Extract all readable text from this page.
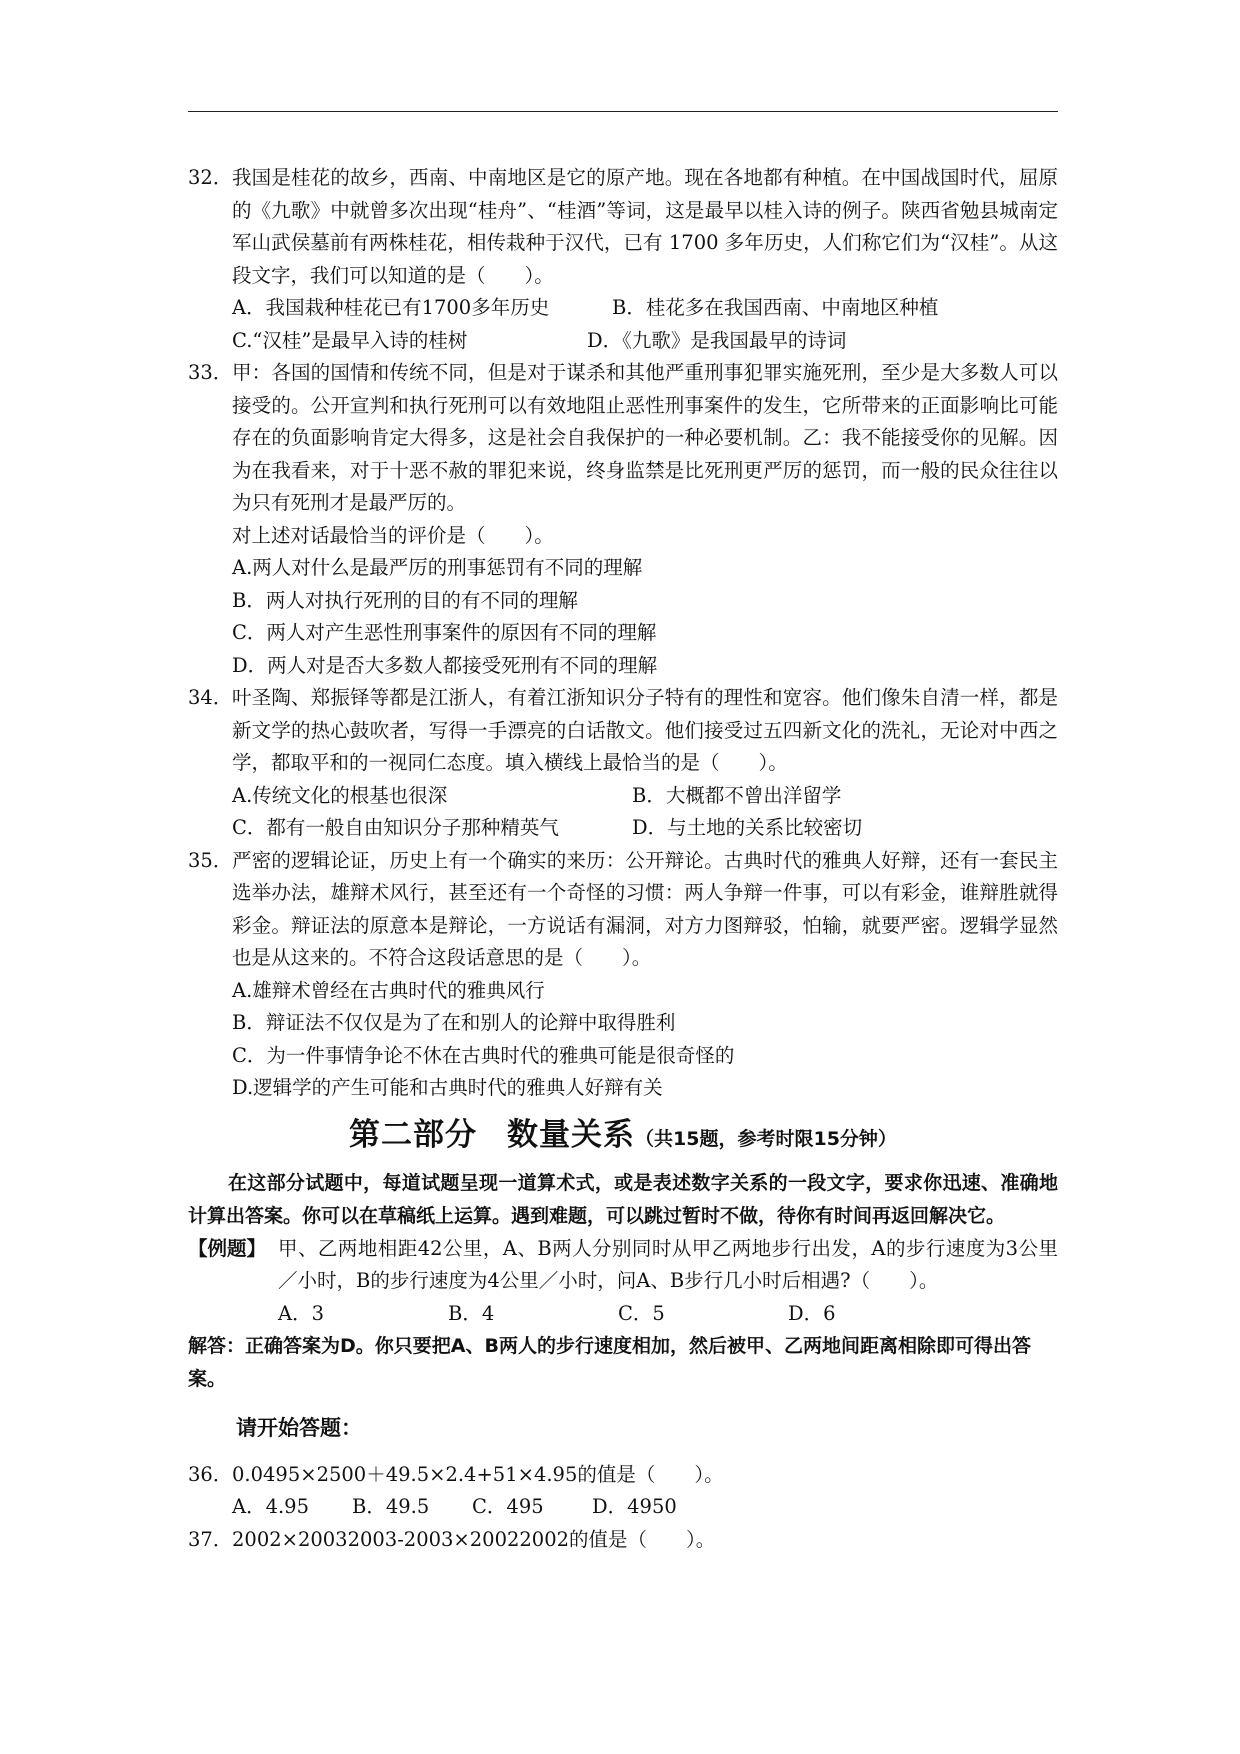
32． 我国是桂花的故乡，西南、中南地区是它的原产地。现在各地都有种植。在中国战国时代，屈原的《九歌》中就曾多次出现“桂舟”、“桂酒”等词，这是最早以桂入诗的例子。陕西省勉县城南定军山武侯墓前有两株桂花，相传栽种于汉代，已有 1700 多年历史，人们称它们为“汉桂”。从这段文字，我们可以知道的是（　　）。
A．我国栽种桂花已有1700多年历史	B．桂花多在我国西南、中南地区种植
C.“汉桂”是最早入诗的桂树	D．《九歌》是我国最早的诗词
33． 甲：各国的国情和传统不同，但是对于谋杀和其他严重刑事犯罪实施死刑，至少是大多数人可以接受的。公开宣判和执行死刑可以有效地阻止恶性刑事案件的发生，它所带来的正面影响比可能存在的负面影响肯定大得多，这是社会自我保护的一种必要机制。乙：我不能接受你的见解。因为在我看来，对于十恶不赦的罪犯来说，终身监禁是比死刑更严厉的惩罚，而一般的民众往往以为只有死刑才是最严厉的。
对上述对话最恰当的评价是（　　）。
A.两人对什么是最严厉的刑事惩罚有不同的理解
B．两人对执行死刑的目的有不同的理解
C．两人对产生恶性刑事案件的原因有不同的理解
D．两人对是否大多数人都接受死刑有不同的理解
34． 叶圣陶、郑振铎等都是江浙人，有着江浙知识分子特有的理性和宽容。他们像朱自清一样，都是新文学的热心鼓吹者，写得一手漂亮的白话散文。他们接受过五四新文化的洗礼，无论对中西之学，都取平和的一视同仁态度。填入横线上最恰当的是（　　）。
A.传统文化的根基也很深	B．大概都不曾出洋留学
C．都有一般自由知识分子那种精英气	D．与土地的关系比较密切
35． 严密的逻辑论证，历史上有一个确实的来历：公开辩论。古典时代的雅典人好辩，还有一套民主选举办法，雄辩术风行，甚至还有一个奇怪的习惯：两人争辩一件事，可以有彩金，谁辩胜就得彩金。辩证法的原意本是辩论，一方说话有漏洞，对方力图辩驳，怕输，就要严密。逻辑学显然也是从这来的。不符合这段话意思的是（　　）。
A.雄辩术曾经在古典时代的雅典风行
B．辩证法不仅仅是为了在和别人的论辩中取得胜利
C．为一件事情争论不休在古典时代的雅典可能是很奇怪的
D.逻辑学的产生可能和古典时代的雅典人好辩有关
第二部分 数量关系（共15题，参考时限15分钟）
在这部分试题中，每道试题呈现一道算术式，或是表述数字关系的一段文字，要求你迅速、准确地计算出答案。你可以在草稿纸上运算。遇到难题，可以跳过暂时不做，待你有时间再返回解决它。
【例题】 甲、乙两地相距42公里，A、B两人分别同时从甲乙两地步行出发，A的步行速度为3公里／小时，B的步行速度为4公里／小时，问A、B步行几小时后相遇?（　　）。
A．3	B．4	C．5	D．6
解答：正确答案为D。你只要把A、B两人的步行速度相加，然后被甲、乙两地间距离相除即可得出答案。
请开始答题：
36． 0.0495×2500＋49.5×2.4+51×4.95的值是（　　）。
A．4.95	B．49.5	C．495	D．4950
37． 2002×20032003-2003×20022002的值是（　　）。
